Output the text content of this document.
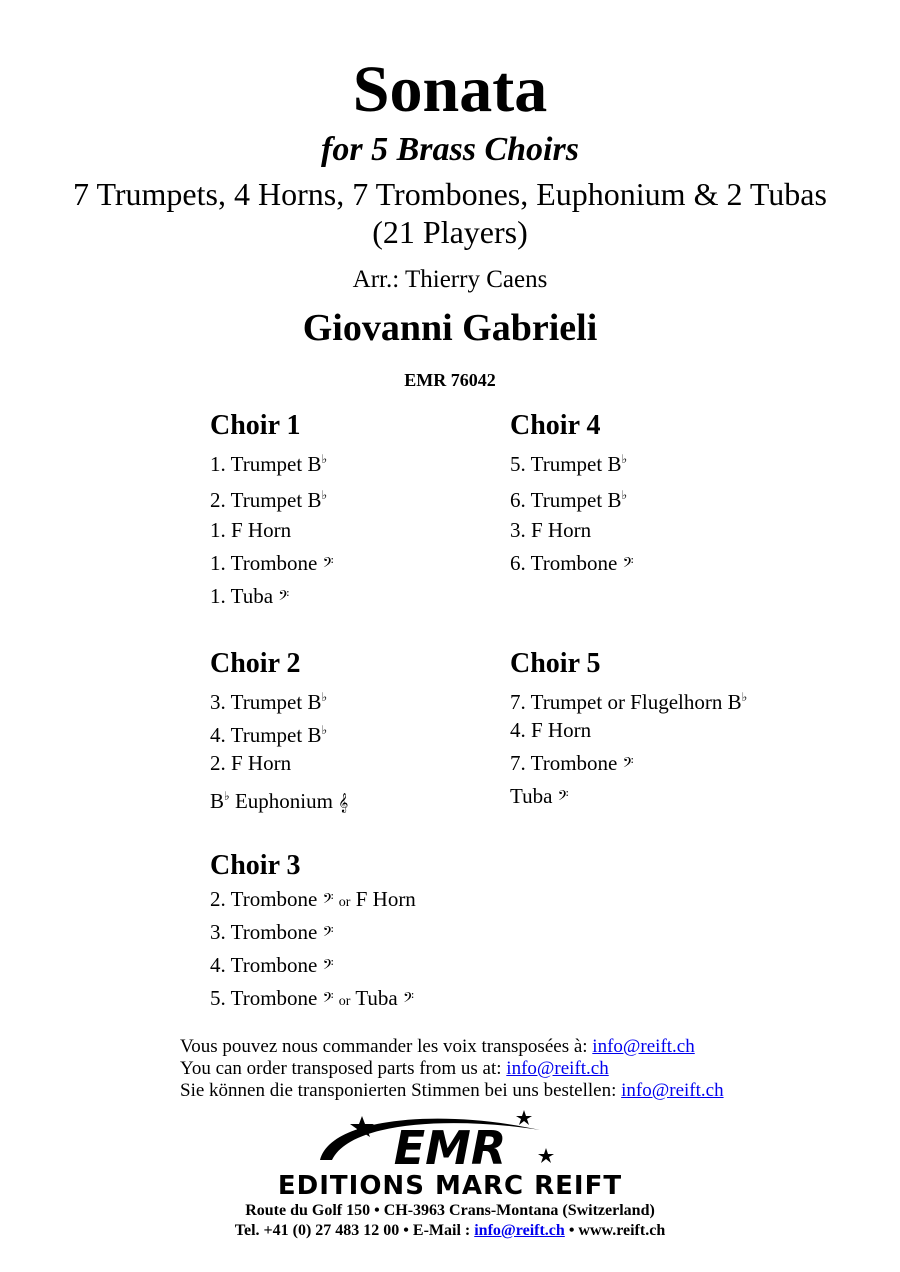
Sonata
for 5 Brass Choirs
7 Trumpets, 4 Horns, 7 Trombones, Euphonium & 2 Tubas
(21 Players)
Arr.: Thierry Caens
Giovanni Gabrieli
EMR 76042
Choir 1
1. Trumpet B♭
2. Trumpet B♭
1. F Horn
1. Trombone 𝄢
1. Tuba 𝄢
Choir 4
5. Trumpet B♭
6. Trumpet B♭
3. F Horn
6. Trombone 𝄢
Choir 2
3. Trumpet B♭
4. Trumpet B♭
2. F Horn
B♭ Euphonium 𝄞
Choir 5
7. Trumpet or Flugelhorn B♭
4. F Horn
7. Trombone 𝄢
Tuba 𝄢
Choir 3
2. Trombone 𝄢 or F Horn
3. Trombone 𝄢
4. Trombone 𝄢
5. Trombone 𝄢 or Tuba 𝄢
Vous pouvez nous commander les voix transposées à: info@reift.ch
You can order transposed parts from us at: info@reift.ch
Sie können die transponierten Stimmen bei uns bestellen: info@reift.ch
EMR
EDITIONS MARC REIFT
Route du Golf 150 • CH-3963 Crans-Montana (Switzerland)
Tel. +41 (0) 27 483 12 00 • E-Mail : info@reift.ch • www.reift.ch
